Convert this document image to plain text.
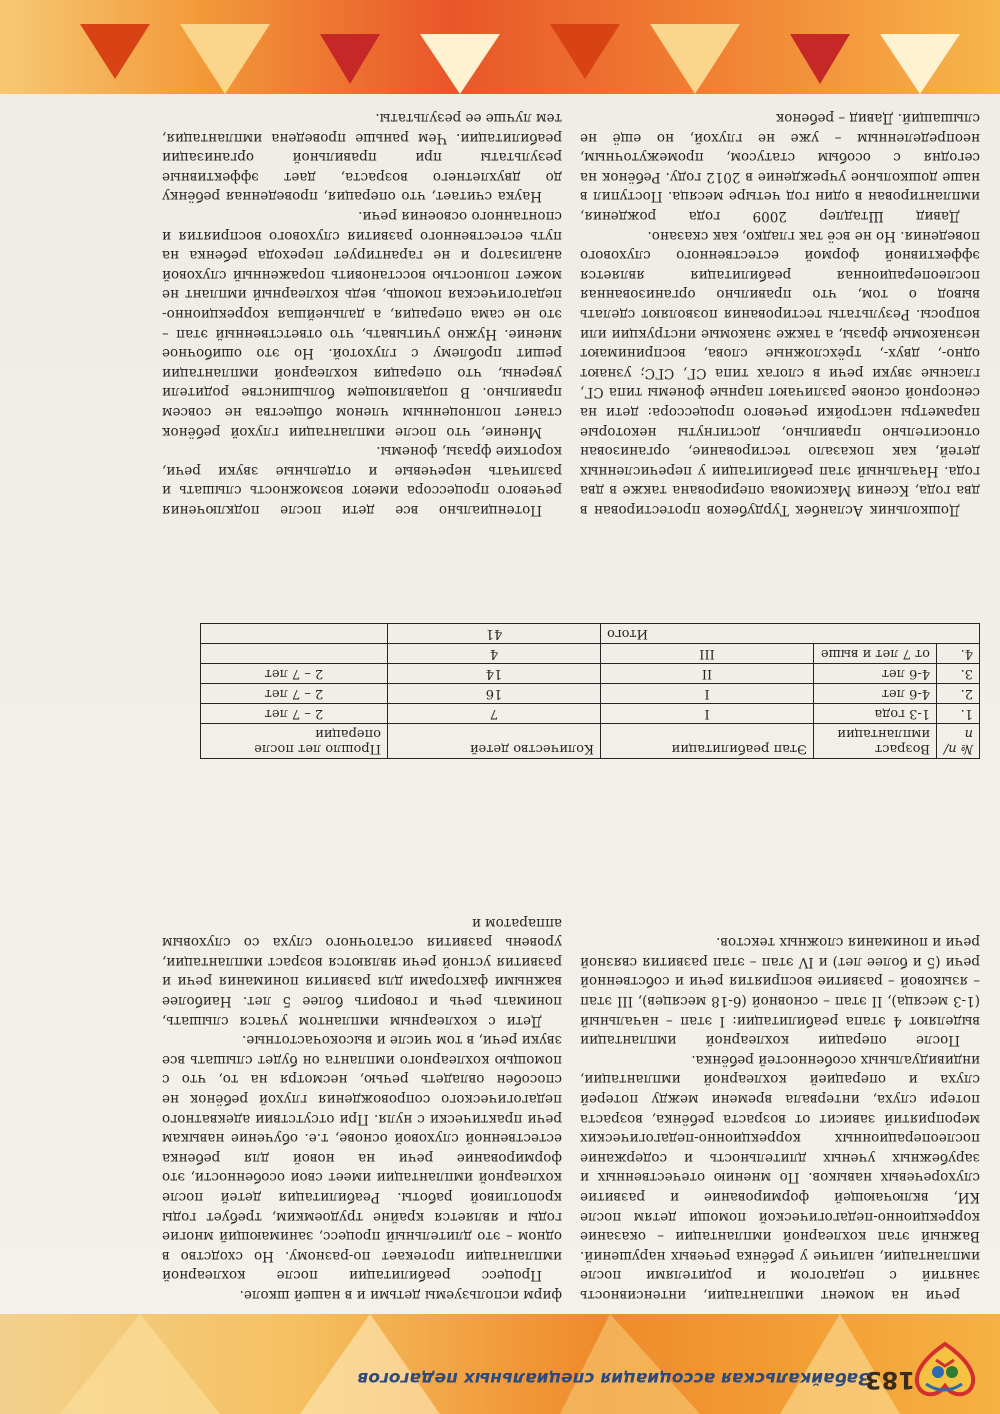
183
Забайкальская ассоциация специальных педагогов

речи на момент имплантации, интенсивность занятий с педагогом и родителями после имплантации, наличие у ребёнка речевых нарушений. Важный этап кохлеарной имплантации – оказание коррекционно-педагогической помощи детям после КИ, включающей формирование и развитие слухоречевых навыков. По мнению отечественных и зарубежных ученых длительность и содержание послеоперационных коррекционно-педагогических мероприятий зависит от возраста ребёнка, возраста потери слуха, интервала времени между потерей слуха и операцией кохлеарной имплантации, индивидуальных особенностей ребёнка.

После операции кохлеарной имплантации выделяют 4 этапа реабилитации: I этап – начальный (1-3 месяца), II этап – основной (6-18 месяцев), III этап – языковой – развитие восприятия речи и собственной речи (5 и более лет) и IV этап – этап развития связной речи и понимания сложных текстов.

фирм используемы детьми и в нашей школе.

Процесс реабилитации после кохлеарной имплантации протекает по-разному. Но сходство в одном – это длительный процесс, занимающий многие годы и является крайне трудоемким, требует годы кропотливой работы. Реабилитация детей после кохлеарной имплантации имеет свои особенности, это формирование речи на новой для ребенка естественной слуховой основе, т.е. обучение навыкам речи практически с нуля. При отсутствии адекватного педагогического сопровождения глухой ребёнок не способен овладеть речью, несмотря на то, что с помощью кохлеарного импланта он будет слышать все звуки речи, в том числе и высокочастотные.

Дети с кохлеарным имплантом учатся слышать, понимать речь и говорить более 5 лет. Наиболее важными факторами для развития понимания речи и развития устной речи являются возраст имплантации, уровень развития остаточного слуха со слуховым аппаратом и

№ п/п	Возраст имплантации	Этап реабилитации	Количество детей	Прошло лет после операции
1.	1-3 года	I	7	2 – 7 лет
2.	4-6 лет	I	16	2 – 7 лет
3.	4-6 лет	II	14	2 – 7 лет
4.	от 7 лет и выше	III	4	
Итого			41	

Дошкольник Асланбек Турдубеков протестирован в два года, Ксения Максимова оперирована также в два года. Начальный этап реабилитации у перечисленных детей, как показало тестирование, организован относительно правильно, достигнуты некоторые параметры настройки речевого процессора: дети на сенсорной основе различают парные фонемы типа СГ, гласные звуки речи в слогах типа СГ, СГС; узнают одно-, двух-, трёхсложные слова, воспринимают незнакомые фразы, а также знакомые инструкции или вопросы. Результаты тестирования позволяют сделать вывод о том, что правильно организованная послеоперационная реабилитация является эффективной формой естественного слухового поведения. Но не всё так гладко, как сказано.

Давид Штадлер 2009 года рождения, имплантирован в один год четыре месяца. Поступил в наше дошкольное учреждение в 2012 году. Ребёнок на сегодня с особым статусом, промежуточным, неопределенным – уже не глухой, но ещё не слышащий. Давид – ребенок

Потенциально все дети после подключения речевого процессора имеют возможность слышать и различать неречевые и отдельные звуки речи, короткие фразы, фонемы.

Мнение, что после имплантации глухой ребёнок станет полноценным членом общества не совсем правильно. В подавляющем большинстве родители уверены, что операция кохлеарной имплантации решит проблему с глухотой. Но это ошибочное мнение. Нужно учитывать, что ответственный этап – это не сама операция, а дальнейшая коррекционно-педагогическая помощь, ведь кохлеарный имплант не может полностью восстановить пораженный слуховой анализатор и не гарантирует перехода ребенка на путь естественного развития слухового восприятия и спонтанного освоения речи.

Наука считает, что операция, проведенная ребёнку до двухлетнего возраста, дает эффективные результаты при правильной организации реабилитации. Чем раньше проведена имплантация, тем лучше ее результаты.
